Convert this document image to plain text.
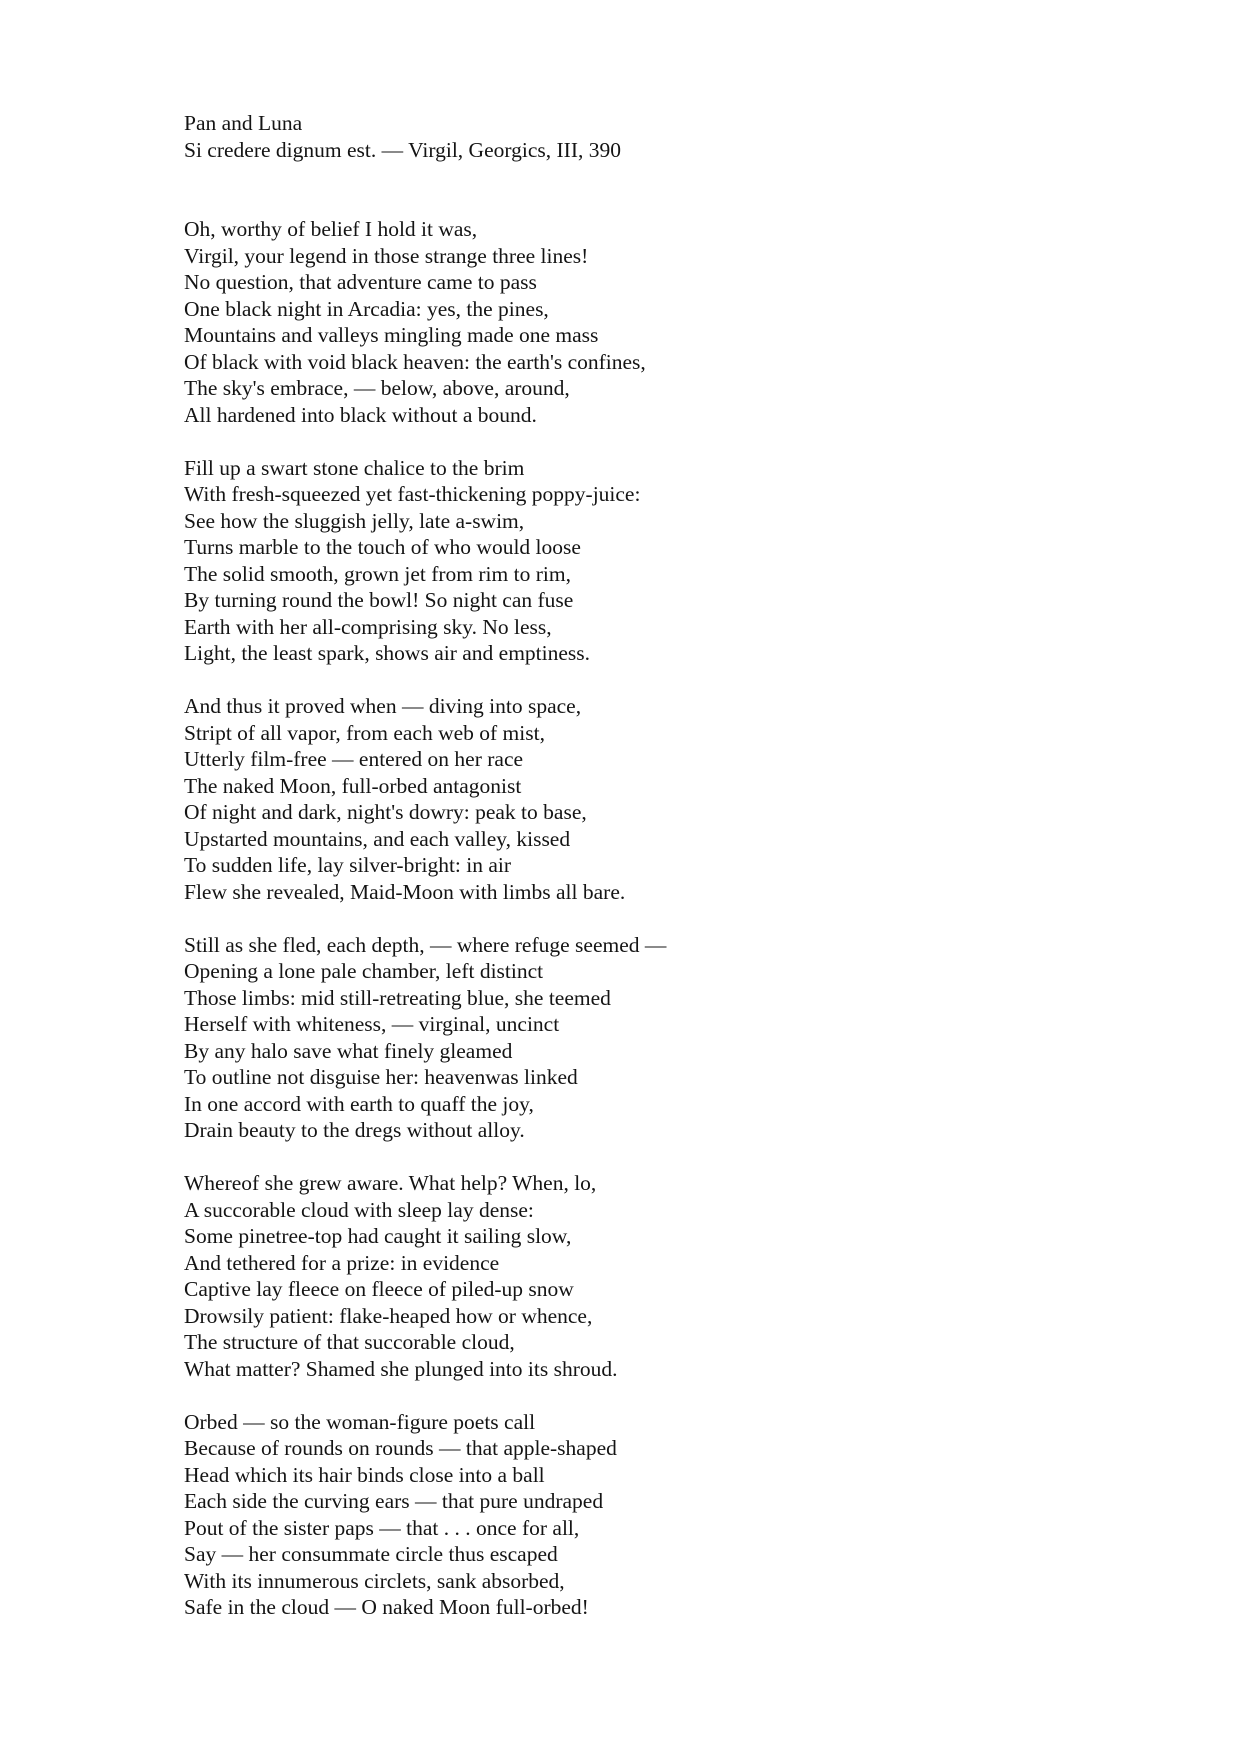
Pan and Luna
Si credere dignum est. — Virgil, Georgics, III, 390
Oh, worthy of belief I hold it was,
Virgil, your legend in those strange three lines!
No question, that adventure came to pass
One black night in Arcadia: yes, the pines,
Mountains and valleys mingling made one mass
Of black with void black heaven: the earth's confines,
The sky's embrace, — below, above, around,
All hardened into black without a bound.
Fill up a swart stone chalice to the brim
With fresh-squeezed yet fast-thickening poppy-juice:
See how the sluggish jelly, late a-swim,
Turns marble to the touch of who would loose
The solid smooth, grown jet from rim to rim,
By turning round the bowl! So night can fuse
Earth with her all-comprising sky. No less,
Light, the least spark, shows air and emptiness.
And thus it proved when — diving into space,
Stript of all vapor, from each web of mist,
Utterly film-free — entered on her race
The naked Moon, full-orbed antagonist
Of night and dark, night's dowry: peak to base,
Upstarted mountains, and each valley, kissed
To sudden life, lay silver-bright: in air
Flew she revealed, Maid-Moon with limbs all bare.
Still as she fled, each depth, — where refuge seemed —
Opening a lone pale chamber, left distinct
Those limbs: mid still-retreating blue, she teemed
Herself with whiteness, — virginal, uncinct
By any halo save what finely gleamed
To outline not disguise her: heavenwas linked
In one accord with earth to quaff the joy,
Drain beauty to the dregs without alloy.
Whereof she grew aware. What help? When, lo,
A succorable cloud with sleep lay dense:
Some pinetree-top had caught it sailing slow,
And tethered for a prize: in evidence
Captive lay fleece on fleece of piled-up snow
Drowsily patient: flake-heaped how or whence,
The structure of that succorable cloud,
What matter? Shamed she plunged into its shroud.
Orbed — so the woman-figure poets call
Because of rounds on rounds — that apple-shaped
Head which its hair binds close into a ball
Each side the curving ears — that pure undraped
Pout of the sister paps — that . . . once for all,
Say — her consummate circle thus escaped
With its innumerous circlets, sank absorbed,
Safe in the cloud — O naked Moon full-orbed!
